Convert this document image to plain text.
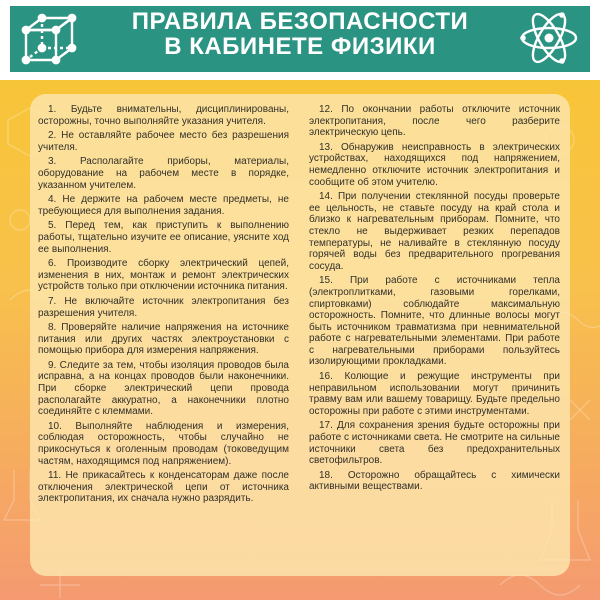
ПРАВИЛА БЕЗОПАСНОСТИ
В КАБИНЕТЕ ФИЗИКИ

1. Будьте внимательны, дисциплинированы, осторожны, точно выполняйте указания учителя.

2. Не оставляйте рабочее место без разрешения учителя.

3. Располагайте приборы, материалы, оборудование на рабочем месте в порядке, указанном учителем.

4. Не держите на рабочем месте предметы, не требующиеся для выполнения задания.

5. Перед тем, как приступить к выполнению работы, тщательно изучите ее описание, уясните ход ее выполнения.

6. Производите сборку электрический цепей, изменения в них, монтаж и ремонт электрических устройств только при отключении источника питания.

7. Не включайте источник электропитания без разрешения учителя.

8. Проверяйте наличие напряжения на источнике питания или других частях электроустановки с помощью прибора для измерения напряжения.

9. Следите за тем, чтобы изоляция проводов была исправна, а на концах проводов были наконечники. При сборке электрический цепи провода располагайте аккуратно, а наконечники плотно соединяйте с клеммами.

10. Выполняйте наблюдения и измерения, соблюдая осторожность, чтобы случайно не прикоснуться к оголенным проводам (токоведущим частям, находящимся под напряжением).

11. Не прикасайтесь к конденсаторам даже после отключения электрической цепи от источника электропитания, их сначала нужно разрядить.

12. По окончании работы отключите источник электропитания, после чего разберите электрическую цепь.

13. Обнаружив неисправность в электрических устройствах, находящихся под напряжением, немедленно отключите источник электропитания и сообщите об этом учителю.

14. При получении стеклянной посуды проверьте ее цельность, не ставьте посуду на край стола и близко к нагревательным приборам. Помните, что стекло не выдерживает резких перепадов температуры, не наливайте в стеклянную посуду горячей воды без предварительного прогревания сосуда.

15. При работе с источниками тепла (электроплитками, газовыми горелками, спиртовками) соблюдайте максимальную осторожность. Помните, что длинные волосы могут быть источником травматизма при невнимательной работе с нагревательными элементами. При работе с нагревательными приборами пользуйтесь изолирующими прокладками.

16. Колющие и режущие инструменты при неправильном использовании могут причинить травму вам или вашему товарищу. Будьте предельно осторожны при работе с этими инструментами.

17. Для сохранения зрения будьте осторожны при работе с источниками света. Не смотрите на сильные источники света без предохранительных светофильтров.

18. Осторожно обращайтесь с химически активными веществами.
